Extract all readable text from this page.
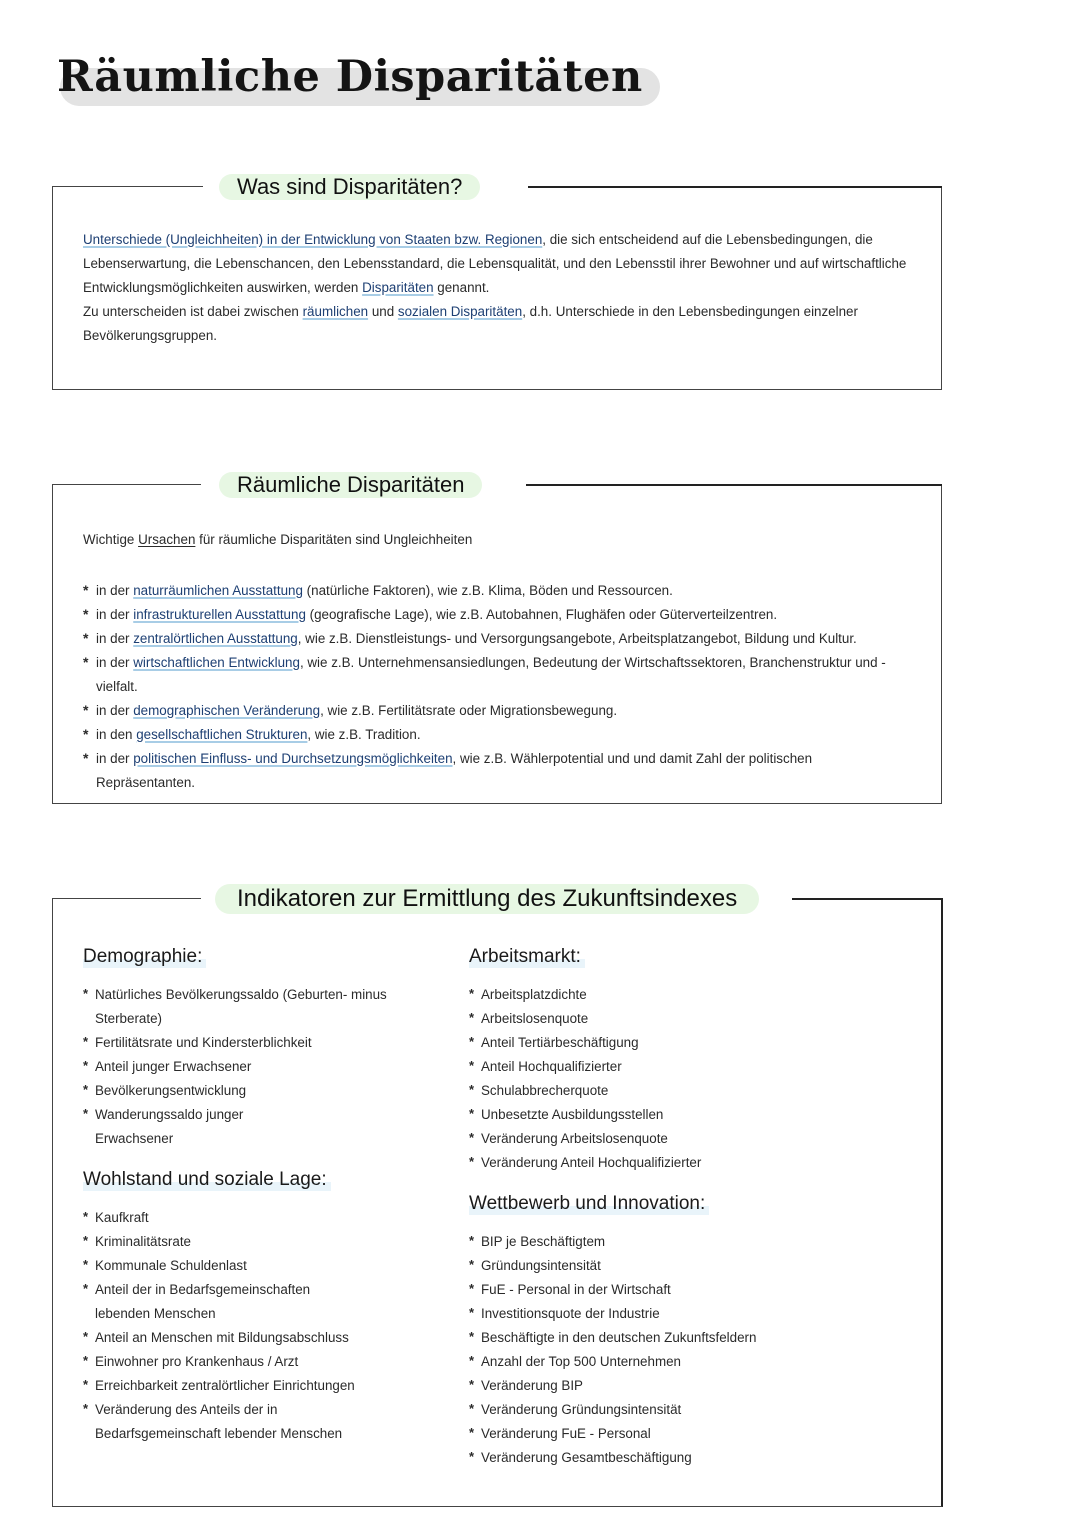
Räumliche Disparitäten
Was sind Disparitäten?

Unterschiede (Ungleichheiten) in der Entwicklung von Staaten bzw. Regionen, die sich entscheidend auf die Lebensbedingungen, die Lebenserwartung, die Lebenschancen, den Lebensstandard, die Lebensqualität, und den Lebensstil ihrer Bewohner und auf wirtschaftliche Entwicklungsmöglichkeiten auswirken, werden Disparitäten genannt.
Zu unterscheiden ist dabei zwischen räumlichen und sozialen Disparitäten, d.h. Unterschiede in den Lebensbedingungen einzelner Bevölkerungsgruppen.

Räumliche Disparitäten

Wichtige Ursachen für räumliche Disparitäten sind Ungleichheiten

* in der naturräumlichen Ausstattung (natürliche Faktoren), wie z.B. Klima, Böden und Ressourcen.
* in der infrastrukturellen Ausstattung (geografische Lage), wie z.B. Autobahnen, Flughäfen oder Güterverteilzentren.
* in der zentralörtlichen Ausstattung, wie z.B. Dienstleistungs- und Versorgungsangebote, Arbeitsplatzangebot, Bildung und Kultur.
* in der wirtschaftlichen Entwicklung, wie z.B. Unternehmensansiedlungen, Bedeutung der Wirtschaftssektoren, Branchenstruktur und -vielfalt.
* in der demographischen Veränderung, wie z.B. Fertilitätsrate oder Migrationsbewegung.
* in den gesellschaftlichen Strukturen, wie z.B. Tradition.
* in der politischen Einfluss- und Durchsetzungsmöglichkeiten, wie z.B. Wählerpotential und und damit Zahl der politischen Repräsentanten.
Indikatoren zur Ermittlung des Zukunftsindexes
Demographie:
* Natürliches Bevölkerungssaldo (Geburten- minus Sterberate)
* Fertilitätsrate und Kindersterblichkeit
* Anteil junger Erwachsener
* Bevölkerungsentwicklung
* Wanderungssaldo junger Erwachsener
Wohlstand und soziale Lage:
* Kaufkraft
* Kriminalitätsrate
* Kommunale Schuldenlast
* Anteil der in Bedarfsgemeinschaften lebenden Menschen
* Anteil an Menschen mit Bildungsabschluss
* Einwohner pro Krankenhaus / Arzt
* Erreichbarkeit zentralörtlicher Einrichtungen
* Veränderung des Anteils der in Bedarfsgemeinschaft lebender Menschen
Arbeitsmarkt:
* Arbeitsplatzdichte
* Arbeitslosenquote
* Anteil Tertiärbeschäftigung
* Anteil Hochqualifizierter
* Schulabbrecherquote
* Unbesetzte Ausbildungsstellen
* Veränderung Arbeitslosenquote
* Veränderung Anteil Hochqualifizierter
Wettbewerb und Innovation:
* BIP je Beschäftigtem
* Gründungsintensität
* FuE - Personal in der Wirtschaft
* Investitionsquote der Industrie
* Beschäftigte in den deutschen Zukunftsfeldern
* Anzahl der Top 500 Unternehmen
* Veränderung BIP
* Veränderung Gründungsintensität
* Veränderung FuE - Personal
* Veränderung Gesamtbeschäftigung
